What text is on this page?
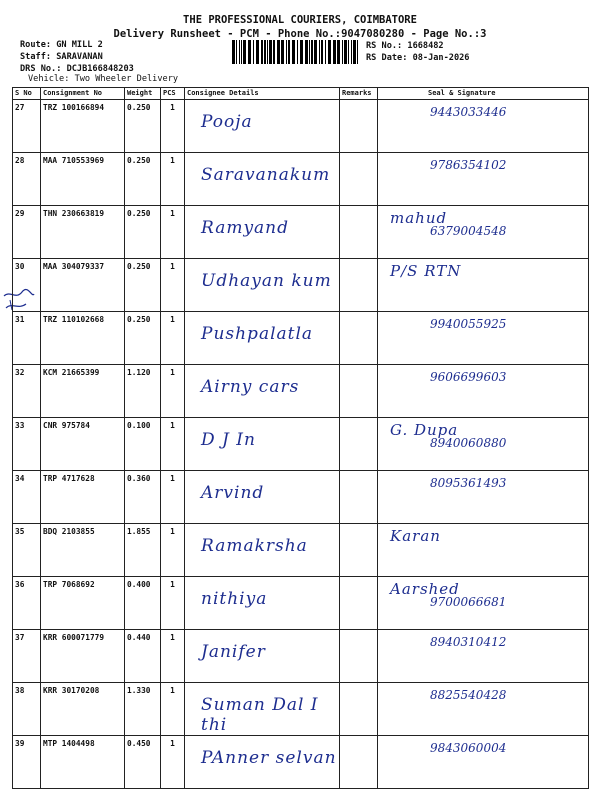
THE PROFESSIONAL COURIERS, COIMBATORE
Delivery Runsheet - PCM - Phone No.:9047080280 - Page No.:3
Route: GN MILL 2
Staff: SARAVANAN
DRS No.: DCJB166848203
Vehicle: Two Wheeler Delivery
RS No.: 1668482
RS Date: 08-Jan-2026
S No	Consignment No	Weight	PCS	Consignee Details	Remarks	Seal & Signature
27	TRZ 100166894	0.250	1	Pooja		9443033446

28	MAA 710553969	0.250	1	Saravanakum		9786354102

29	THN 230663819	0.250	1	Ramyand		mahud
6379004548

30	MAA 304079337	0.250	1	Udhayan kum		P/S RTN

31	TRZ 110102668	0.250	1	Pushpalatla		9940055925

32	KCM 21665399	1.120	1	Airny cars		9606699603

33	CNR 975784	0.100	1	D J In		G. Dupa
8940060880

34	TRP 4717628	0.360	1	Arvind		8095361493

35	BDQ 2103855	1.855	1	Ramakrsha		Karan

36	TRP 7068692	0.400	1	nithiya		Aarshed
9700066681

37	KRR 600071779	0.440	1	Janifer		8940310412

38	KRR 30170208	1.330	1	Suman Dal I thi		8825540428

39	MTP 1404498	0.450	1	PAnner selvan		9843060004
